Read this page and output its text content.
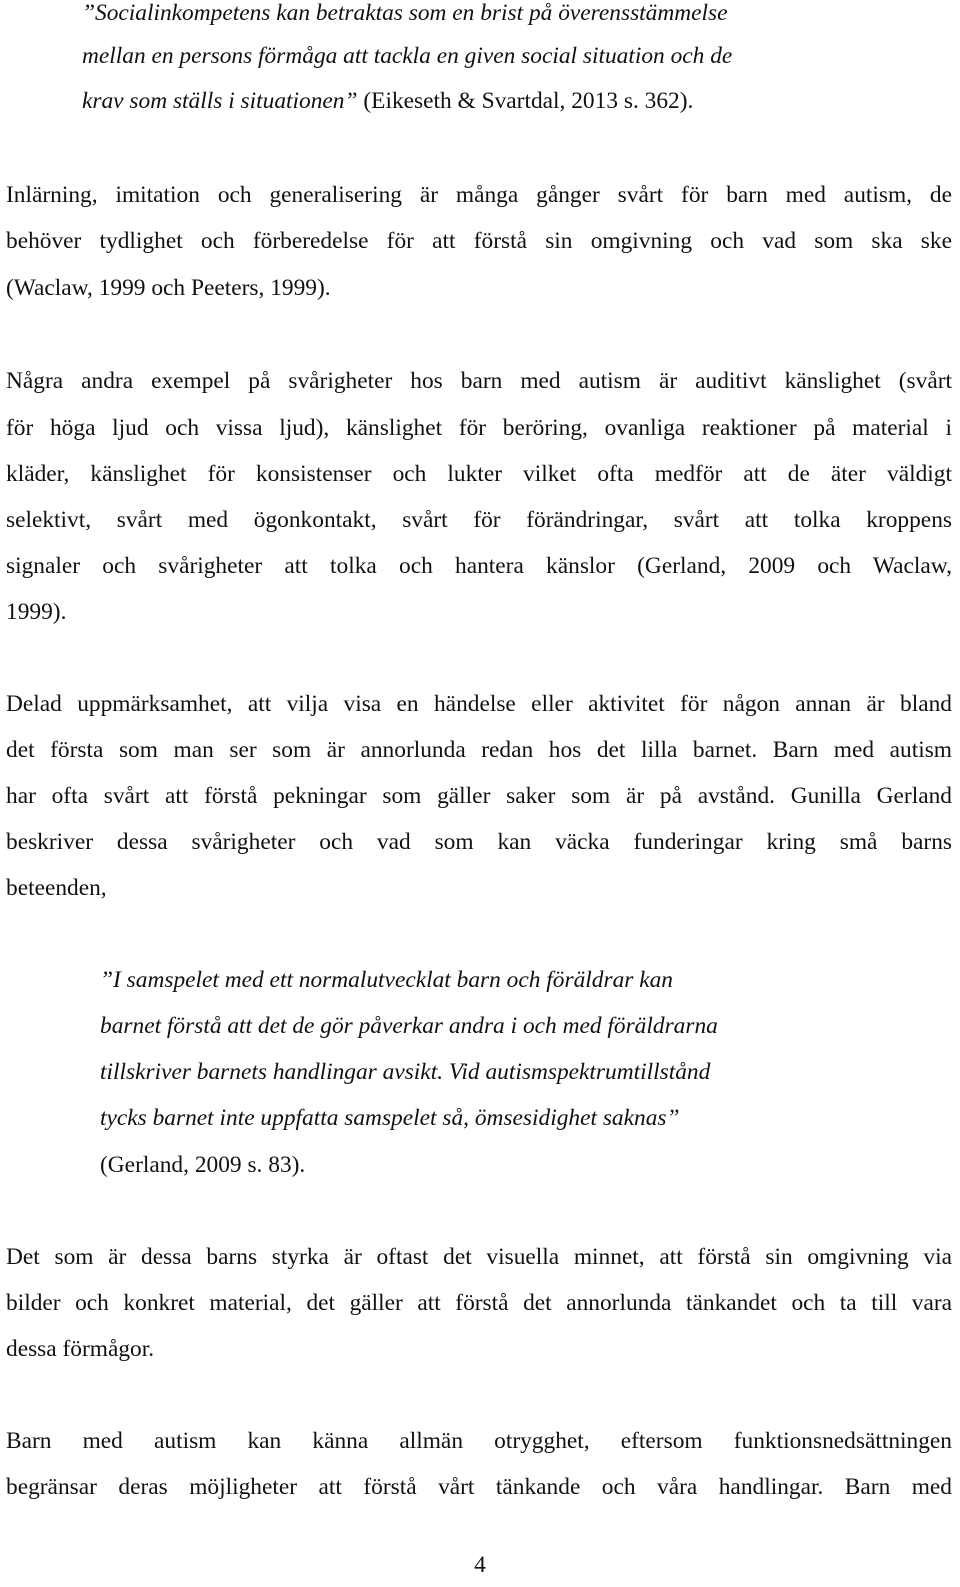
”Socialinkompetens kan betraktas som en brist på överensstämmelse
mellan en persons förmåga att tackla en given social situation och de
krav som ställs i situationen” (Eikeseth & Svartdal, 2013 s. 362).
Inlärning, imitation och generalisering är många gånger svårt för barn med autism, de
behöver tydlighet och förberedelse för att förstå sin omgivning och vad som ska ske
(Waclaw, 1999 och Peeters, 1999).
Några andra exempel på svårigheter hos barn med autism är auditivt känslighet (svårt
för höga ljud och vissa ljud), känslighet för beröring, ovanliga reaktioner på material i
kläder, känslighet för konsistenser och lukter vilket ofta medför att de äter väldigt
selektivt, svårt med ögonkontakt, svårt för förändringar, svårt att tolka kroppens
signaler och svårigheter att tolka och hantera känslor (Gerland, 2009 och Waclaw,
1999).
Delad uppmärksamhet, att vilja visa en händelse eller aktivitet för någon annan är bland
det första som man ser som är annorlunda redan hos det lilla barnet. Barn med autism
har ofta svårt att förstå pekningar som gäller saker som är på avstånd. Gunilla Gerland
beskriver dessa svårigheter och vad som kan väcka funderingar kring små barns
beteenden,
”I samspelet med ett normalutvecklat barn och föräldrar kan
barnet förstå att det de gör påverkar andra i och med föräldrarna
tillskriver barnets handlingar avsikt. Vid autismspektrumtillstånd
tycks barnet inte uppfatta samspelet så, ömsesidighet saknas”
(Gerland, 2009 s. 83).
Det som är dessa barns styrka är oftast det visuella minnet, att förstå sin omgivning via
bilder och konkret material, det gäller att förstå det annorlunda tänkandet och ta till vara
dessa förmågor.
Barn med autism kan känna allmän otrygghet, eftersom funktionsnedsättningen
begränsar deras möjligheter att förstå vårt tänkande och våra handlingar. Barn med
4
